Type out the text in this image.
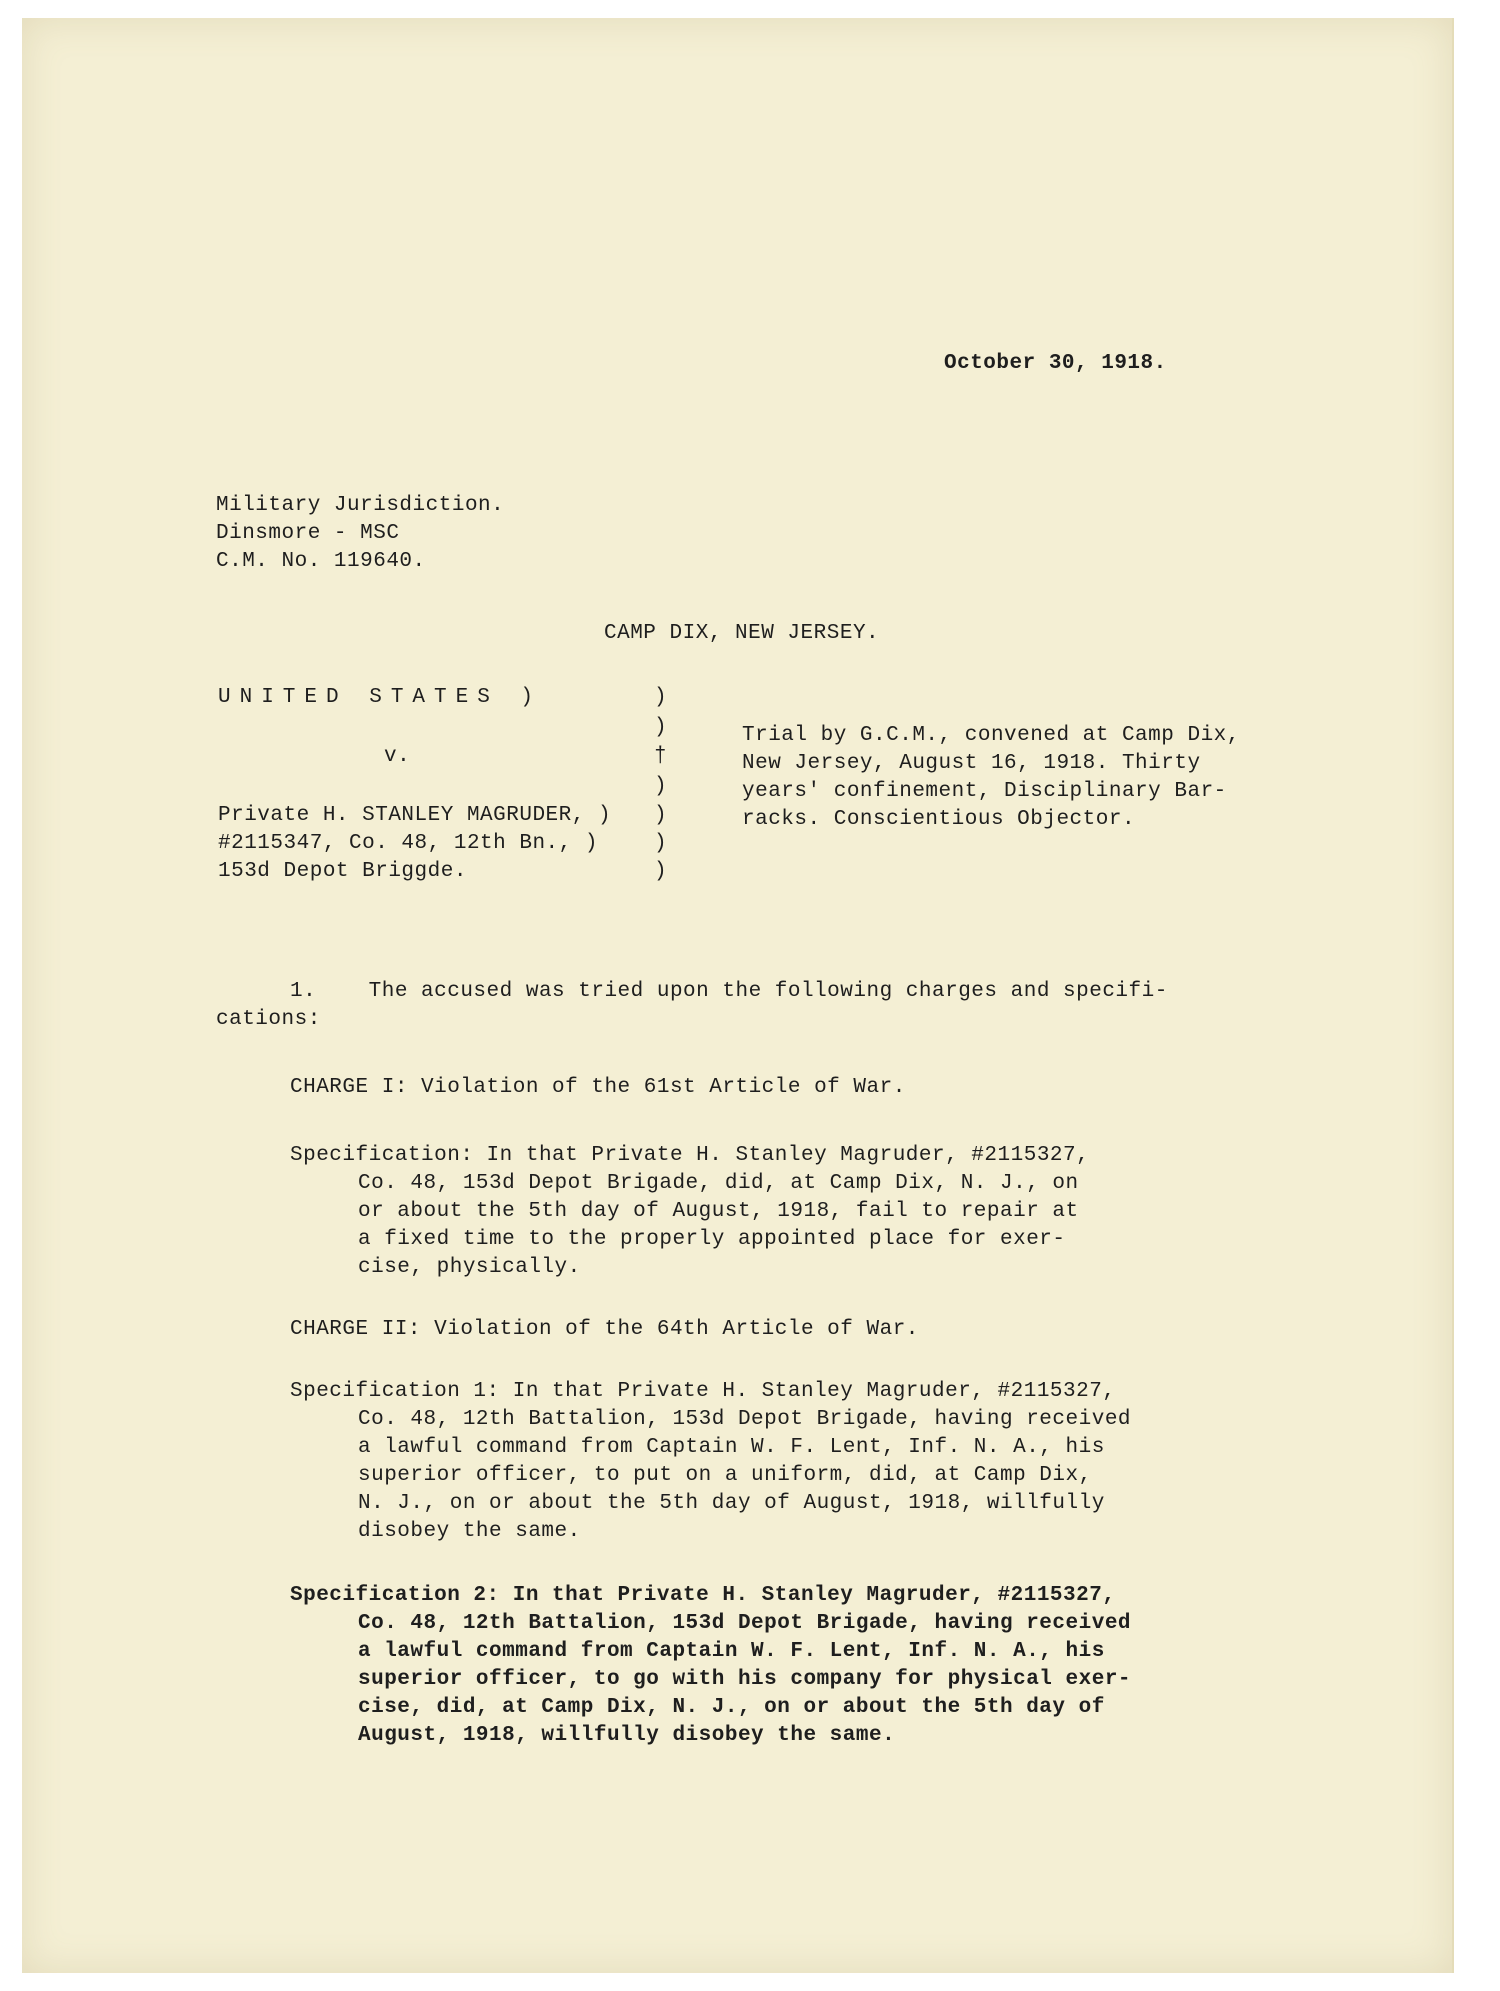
October 30, 1918.
Military Jurisdiction.
Dinsmore - MSC
C.M. No. 119640.
CAMP DIX, NEW JERSEY.
UNITED STATES )
v.
Private H. STANLEY MAGRUDER, )
#2115347, Co. 48, 12th Bn., )
153d Depot Briggde.
)
)
†
)
)
)
)
Trial by G.C.M., convened at Camp Dix,
New Jersey, August 16, 1918. Thirty
years' confinement, Disciplinary Bar-
racks. Conscientious Objector.
1.    The accused was tried upon the following charges and specifi-
cations:
CHARGE I: Violation of the 61st Article of War.
Specification: In that Private H. Stanley Magruder, #2115327,
Co. 48, 153d Depot Brigade, did, at Camp Dix, N. J., on
or about the 5th day of August, 1918, fail to repair at
a fixed time to the properly appointed place for exer-
cise, physically.
CHARGE II: Violation of the 64th Article of War.
Specification 1: In that Private H. Stanley Magruder, #2115327,
Co. 48, 12th Battalion, 153d Depot Brigade, having received
a lawful command from Captain W. F. Lent, Inf. N. A., his
superior officer, to put on a uniform, did, at Camp Dix,
N. J., on or about the 5th day of August, 1918, willfully
disobey the same.
Specification 2: In that Private H. Stanley Magruder, #2115327,
Co. 48, 12th Battalion, 153d Depot Brigade, having received
a lawful command from Captain W. F. Lent, Inf. N. A., his
superior officer, to go with his company for physical exer-
cise, did, at Camp Dix, N. J., on or about the 5th day of
August, 1918, willfully disobey the same.
